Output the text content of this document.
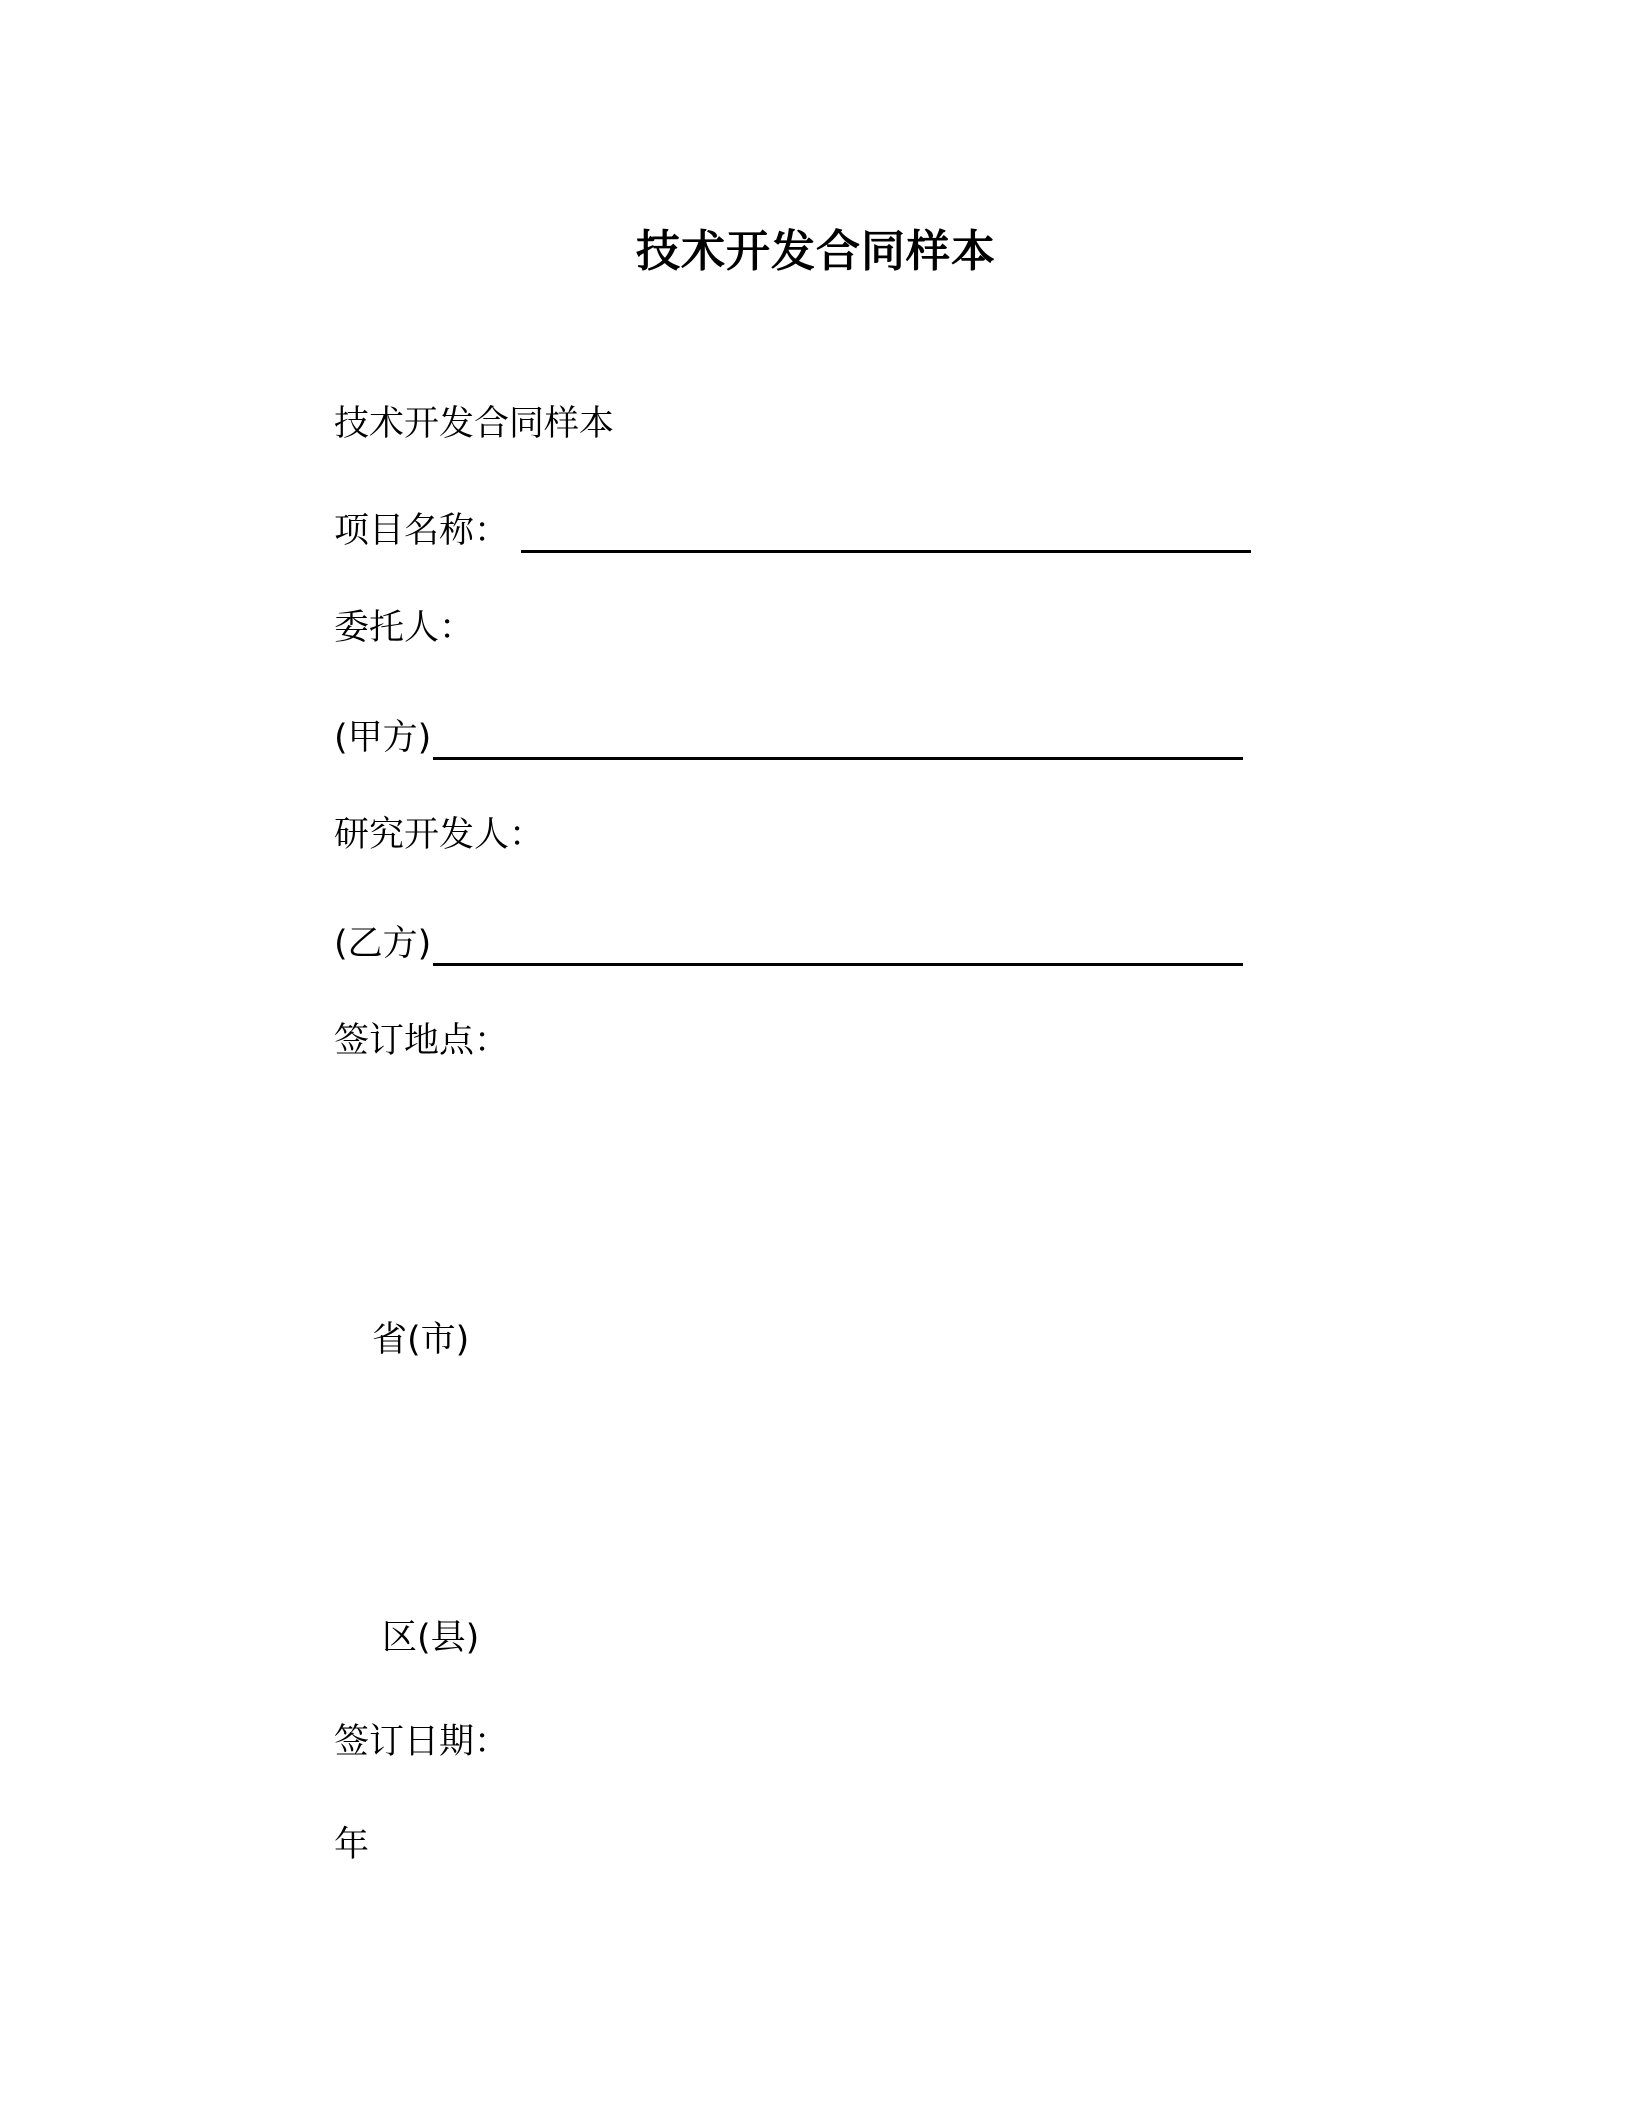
技术开发合同样本
技术开发合同样本
项目名称：
委托人：
(甲方)
研究开发人：
(乙方)
签订地点：
省(市)
区(县)
签订日期：
年
